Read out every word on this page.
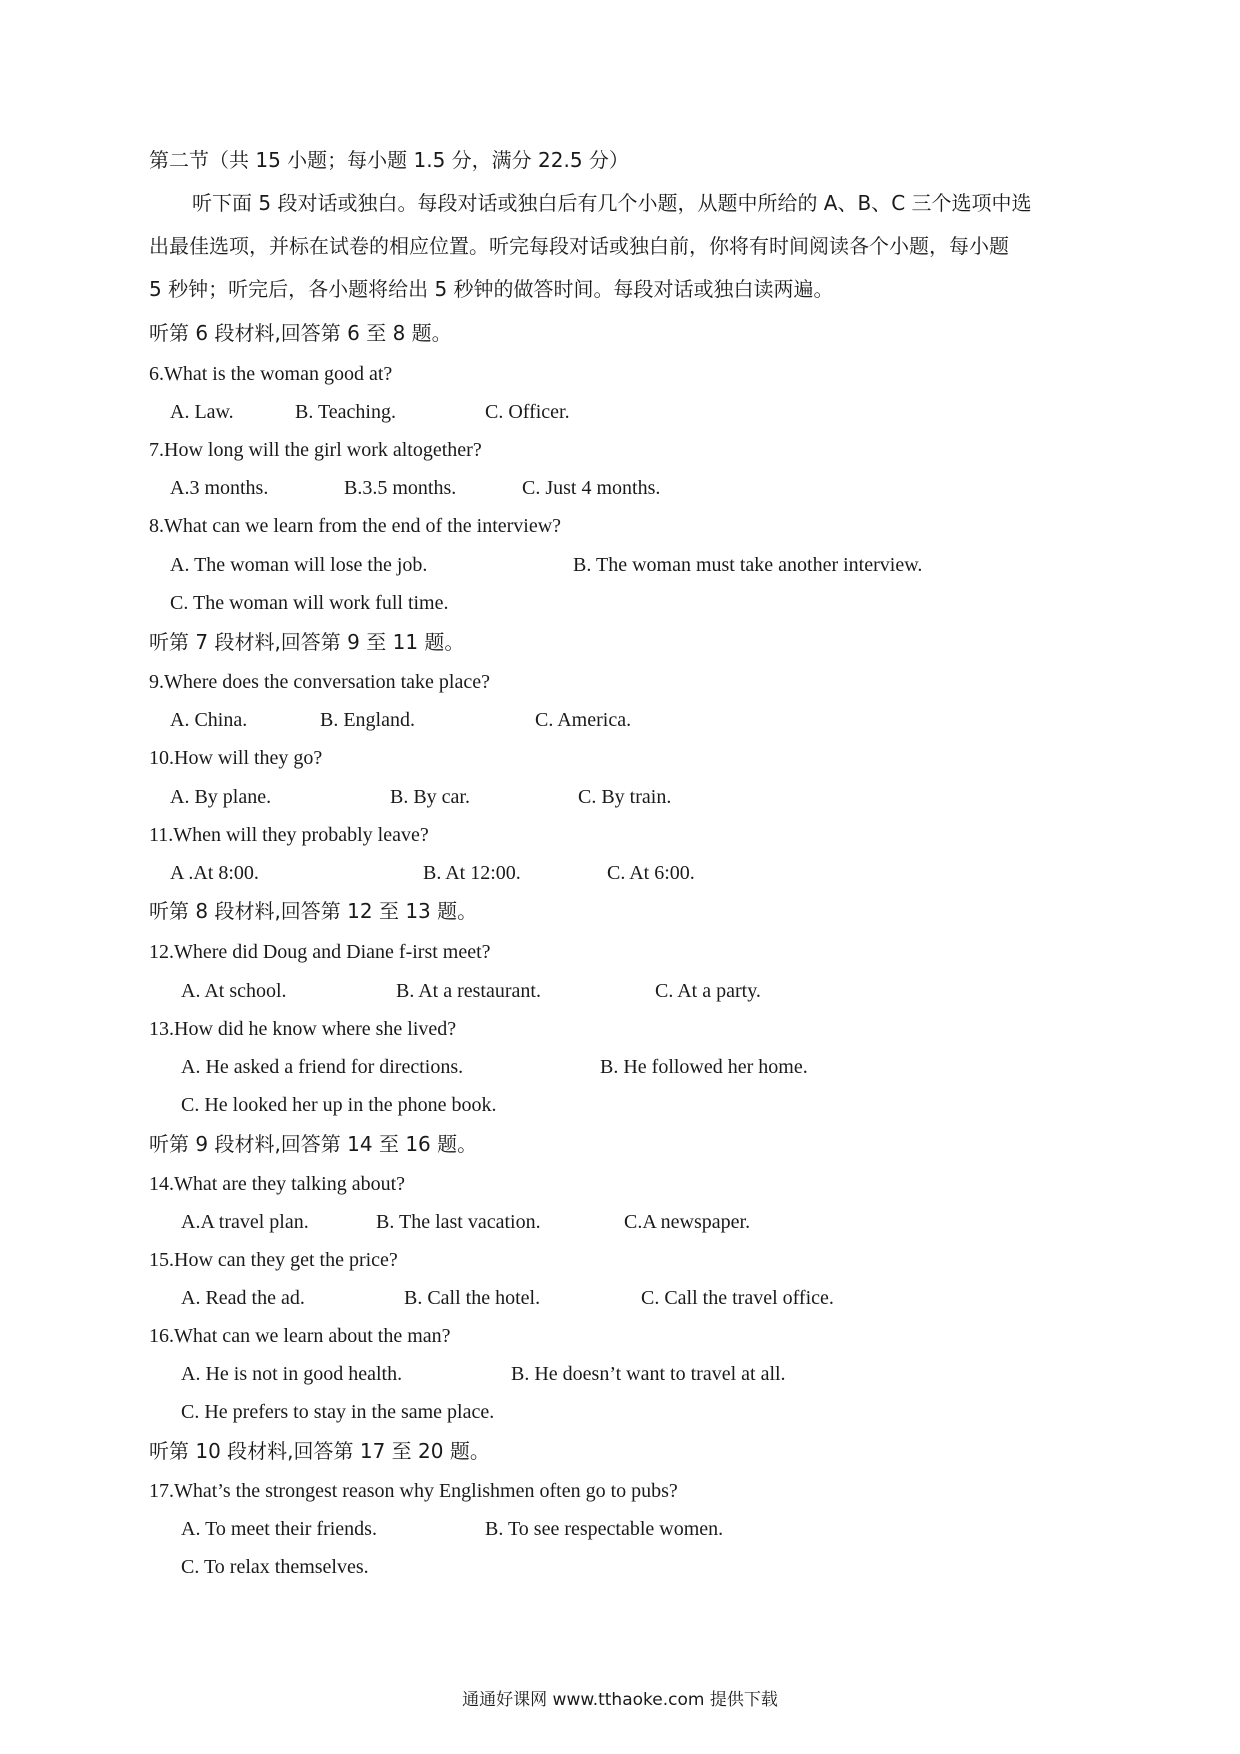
第二节（共 15 小题；每小题 1.5 分，满分 22.5 分）
听下面 5 段对话或独白。每段对话或独白后有几个小题，从题中所给的 A、B、C 三个选项中选
出最佳选项，并标在试卷的相应位置。听完每段对话或独白前，你将有时间阅读各个小题，每小题
5 秒钟；听完后，各小题将给出 5 秒钟的做答时间。每段对话或独白读两遍。
听第 6 段材料,回答第 6 至 8 题。
6.What is the woman good at?
A. Law.	B. Teaching.	C. Officer.
7.How long will the girl work altogether?
A.3 months.	B.3.5 months.	C. Just 4 months.
8.What can we learn from the end of the interview?
A. The woman will lose the job.	B. The woman must take another interview.
C. The woman will work full time.
听第 7 段材料,回答第 9 至 11 题。
9.Where does the conversation take place?
A. China.	B. England.	C. America.
10.How will they go?
A. By plane.	B. By car.	C. By train.
11.When will they probably leave?
A .At 8:00.	B. At 12:00.	C. At 6:00.
听第 8 段材料,回答第 12 至 13 题。
12.Where did Doug and Diane f-irst meet?
A. At school.	B. At a restaurant.	C. At a party.
13.How did he know where she lived?
A. He asked a friend for directions.	B. He followed her home.
C. He looked her up in the phone book.
听第 9 段材料,回答第 14 至 16 题。
14.What are they talking about?
A.A travel plan.	B. The last vacation.	C.A newspaper.
15.How can they get the price?
A. Read the ad.	B. Call the hotel.	C. Call the travel office.
16.What can we learn about the man?
A. He is not in good health.	B. He doesn’t want to travel at all.
C. He prefers to stay in the same place.
听第 10 段材料,回答第 17 至 20 题。
17.What’s the strongest reason why Englishmen often go to pubs?
A. To meet their friends.	B. To see respectable women.
C. To relax themselves.
通通好课网 www.tthaoke.com 提供下载
